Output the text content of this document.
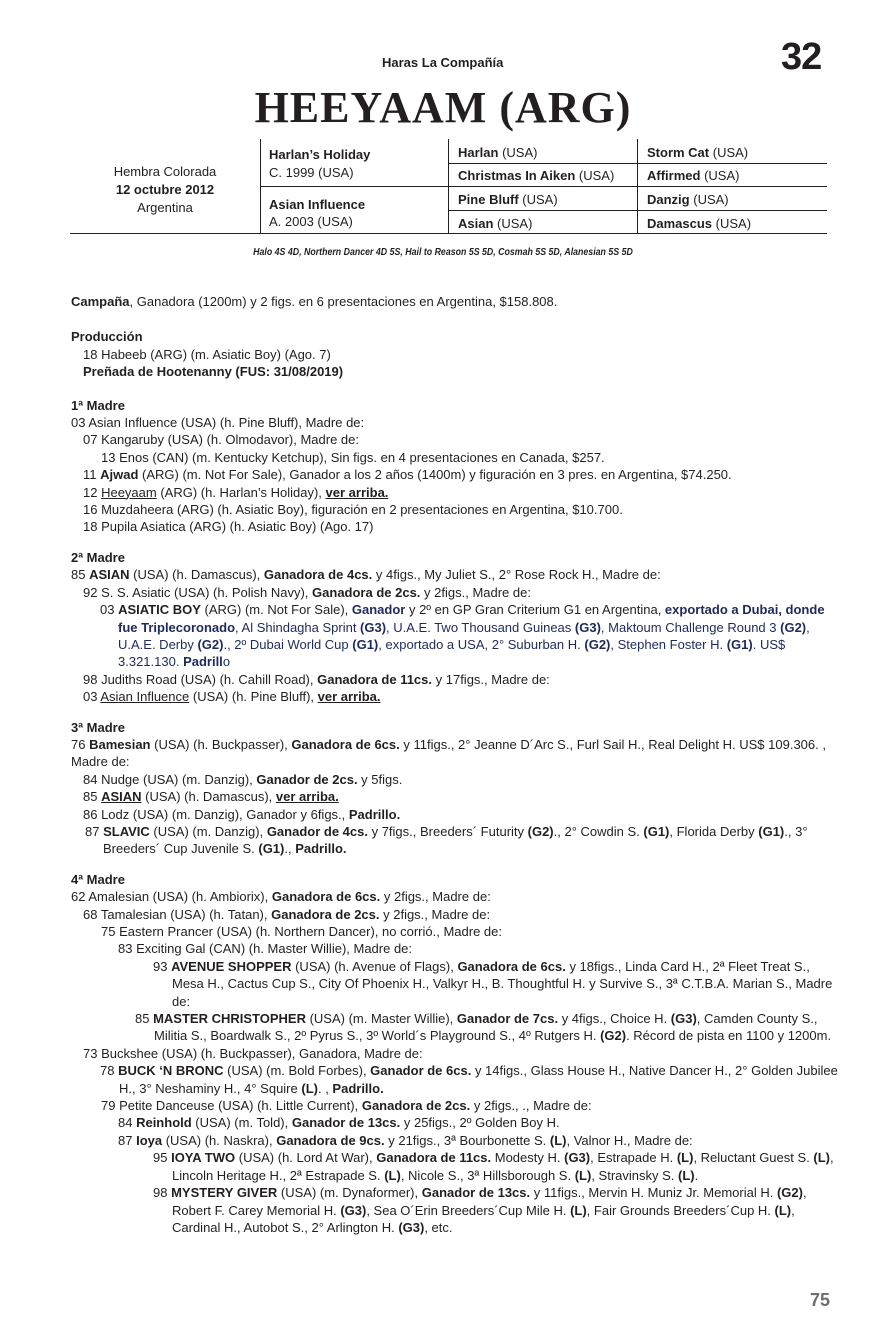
Haras La Compañía	32
HEEYAAM (ARG)
Hembra Colorada
12 octubre 2012
Argentina
Harlan’s Holiday
C. 1999 (USA)
Asian Influence
A. 2003 (USA)
Harlan (USA)
Christmas In Aiken (USA)
Pine Bluff (USA)
Asian (USA)
Storm Cat (USA)
Affirmed (USA)
Danzig (USA)
Damascus (USA)
Halo 4S 4D, Northern Dancer 4D 5S, Hail to Reason 5S 5D, Cosmah 5S 5D, Alanesian 5S 5D

Campaña, Ganadora (1200m) y 2 figs. en 6 presentaciones en Argentina, $158.808.

Producción

18 Habeeb (ARG) (m. Asiatic Boy) (Ago. 7)

Preñada de Hootenanny (FUS: 31/08/2019)

1ª Madre

03 Asian Influence (USA) (h. Pine Bluff), Madre de:

07 Kangaruby (USA) (h. Olmodavor), Madre de:

13 Enos (CAN) (m. Kentucky Ketchup), Sin figs. en 4 presentaciones en Canada, $257.

11 Ajwad (ARG) (m. Not For Sale), Ganador a los 2 años (1400m) y figuración en 3 pres. en Argentina, $74.250.

12 Heeyaam (ARG) (h. Harlan’s Holiday), ver arriba.

16 Muzdaheera (ARG) (h. Asiatic Boy), figuración en 2 presentaciones en Argentina, $10.700.

18 Pupila Asiatica (ARG) (h. Asiatic Boy) (Ago. 17)

2ª Madre

85 ASIAN (USA) (h. Damascus), Ganadora de 4cs. y 4figs., My Juliet S., 2° Rose Rock H., Madre de:

92 S. S. Asiatic (USA) (h. Polish Navy), Ganadora de 2cs. y 2figs., Madre de:

03 ASIATIC BOY (ARG) (m. Not For Sale), Ganador y 2º en GP Gran Criterium G1 en Argentina, exportado a Dubai, donde fue Triplecoronado, Al Shindagha Sprint (G3), U.A.E. Two Thousand Guineas (G3), Maktoum Challenge Round 3 (G2), U.A.E. Derby (G2)., 2º Dubai World Cup (G1), exportado a USA, 2° Suburban H. (G2), Stephen Foster H. (G1). US$ 3.321.130. Padrillo

98 Judiths Road (USA) (h. Cahill Road), Ganadora de 11cs. y 17figs., Madre de:

03 Asian Influence (USA) (h. Pine Bluff), ver arriba.

3ª Madre

76 Bamesian (USA) (h. Buckpasser), Ganadora de 6cs. y 11figs., 2° Jeanne D´Arc S., Furl Sail H., Real Delight H. US$ 109.306. , Madre de:

84 Nudge (USA) (m. Danzig), Ganador de 2cs. y 5figs.

85 ASIAN (USA) (h. Damascus), ver arriba.

86 Lodz (USA) (m. Danzig), Ganador y 6figs., Padrillo.

87 SLAVIC (USA) (m. Danzig), Ganador de 4cs. y 7figs., Breeders´ Futurity (G2)., 2° Cowdin S. (G1), Florida Derby (G1)., 3° Breeders´ Cup Juvenile S. (G1)., Padrillo.

4ª Madre

62 Amalesian (USA) (h. Ambiorix), Ganadora de 6cs. y 2figs., Madre de:

68 Tamalesian (USA) (h. Tatan), Ganadora de 2cs. y 2figs., Madre de:

75 Eastern Prancer (USA) (h. Northern Dancer), no corrió., Madre de:

83 Exciting Gal (CAN) (h. Master Willie), Madre de:

93 AVENUE SHOPPER (USA) (h. Avenue of Flags), Ganadora de 6cs. y 18figs., Linda Card H., 2ª Fleet Treat S., Mesa H., Cactus Cup S., City Of Phoenix H., Valkyr H., B. Thoughtful H. y Survive S., 3ª C.T.B.A. Marian S., Madre de:

85 MASTER CHRISTOPHER (USA) (m. Master Willie), Ganador de 7cs. y 4figs., Choice H. (G3), Camden County S., Militia S., Boardwalk S., 2º Pyrus S., 3º World´s Playground S., 4º Rutgers H. (G2). Récord de pista en 1100 y 1200m.

73 Buckshee (USA) (h. Buckpasser), Ganadora, Madre de:

78 BUCK ‘N BRONC (USA) (m. Bold Forbes), Ganador de 6cs. y 14figs., Glass House H., Native Dancer H., 2° Golden Jubilee H., 3° Neshaminy H., 4° Squire (L). , Padrillo.

79 Petite Danceuse (USA) (h. Little Current), Ganadora de 2cs. y 2figs., ., Madre de:

84 Reinhold (USA) (m. Told), Ganador de 13cs. y 25figs., 2º Golden Boy H.

87 Ioya (USA) (h. Naskra), Ganadora de 9cs. y 21figs., 3ª Bourbonette S. (L), Valnor H., Madre de:

95 IOYA TWO (USA) (h. Lord At War), Ganadora de 11cs. Modesty H. (G3), Estrapade H. (L), Reluctant Guest S. (L), Lincoln Heritage H., 2ª Estrapade S. (L), Nicole S., 3ª Hillsborough S. (L), Stravinsky S. (L).

98 MYSTERY GIVER (USA) (m. Dynaformer), Ganador de 13cs. y 11figs., Mervin H. Muniz Jr. Memorial H. (G2), Robert F. Carey Memorial H. (G3), Sea O´Erin Breeders´Cup Mile H. (L), Fair Grounds Breeders´Cup H. (L), Cardinal H., Autobot S., 2° Arlington H. (G3), etc.

75
